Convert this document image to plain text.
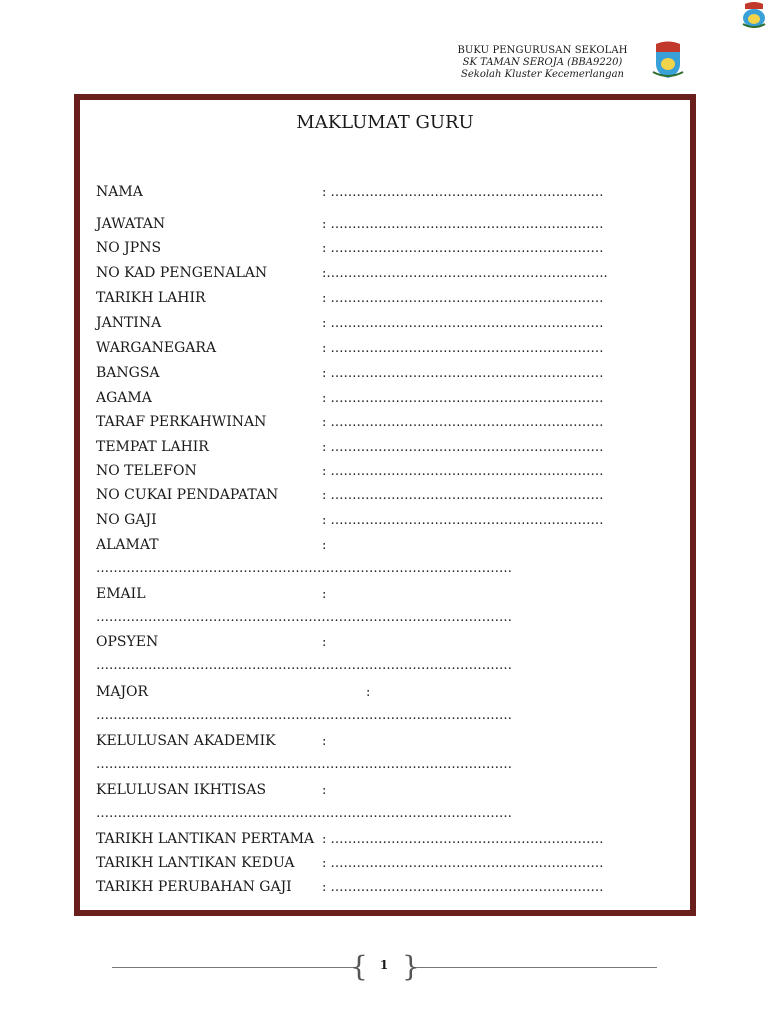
BUKU PENGURUSAN SEKOLAH
SK TAMAN SEROJA (BBA9220)
Sekolah Kluster Kecemerlangan
MAKLUMAT GURU
NAMA	: ………………………………………………………
JAWATAN	: ………………………………………………………
NO JPNS	: ………………………………………………………
NO KAD PENGENALAN	:………………………………………………………..
TARIKH LAHIR	: ………………………………………………………
JANTINA	: ………………………………………………………
WARGANEGARA	: ………………………………………………………
BANGSA	: ………………………………………………………
AGAMA	: ………………………………………………………
TARAF PERKAHWINAN	: ………………………………………………………
TEMPAT LAHIR	: ………………………………………………………
NO TELEFON	: ………………………………………………………
NO CUKAI PENDAPATAN	: ………………………………………………………
NO GAJI	: ………………………………………………………
ALAMAT	:
……………………………………………………………………………………
EMAIL	:
……………………………………………………………………………………
OPSYEN	:
……………………………………………………………………………………
MAJOR	:
……………………………………………………………………………………
KELULUSAN AKADEMIK	:
……………………………………………………………………………………
KELULUSAN IKHTISAS	:
……………………………………………………………………………………
TARIKH LANTIKAN PERTAMA : ………………………………………………………
TARIKH LANTIKAN KEDUA : ………………………………………………………
TARIKH PERUBAHAN GAJI : ………………………………………………………
{ }
1
